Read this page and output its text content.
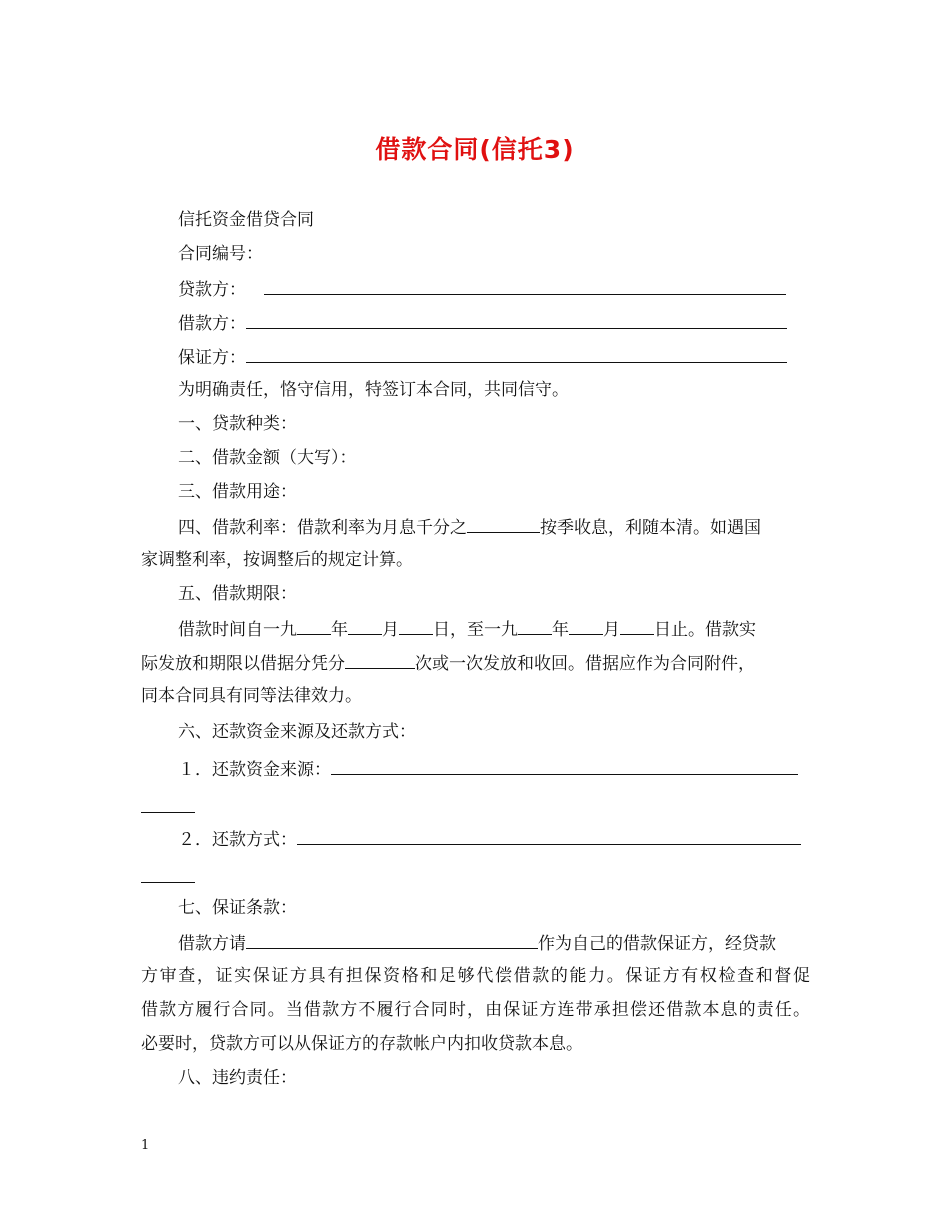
借款合同(信托3)
信托资金借贷合同
合同编号：
贷款方：
借款方：
保证方：
为明确责任，恪守信用，特签订本合同，共同信守。
一、贷款种类：
二、借款金额（大写）：
三、借款用途：
四、借款利率：借款利率为月息千分之	按季收息，利随本清。如遇国
家调整利率，按调整后的规定计算。
五、借款期限：
借款时间自一九 年 月 日，至一九 年 月 日止。借款实
际发放和期限以借据分凭分	次或一次发放和收回。借据应作为合同附件，
同本合同具有同等法律效力。
六、还款资金来源及还款方式：
１．还款资金来源：
２．还款方式：
七、保证条款：
借款方请	作为自己的借款保证方，经贷款
方审查，证实保证方具有担保资格和足够代偿借款的能力。保证方有权检查和督促
借款方履行合同。当借款方不履行合同时，由保证方连带承担偿还借款本息的责任。
必要时，贷款方可以从保证方的存款帐户内扣收贷款本息。
八、违约责任：
1
